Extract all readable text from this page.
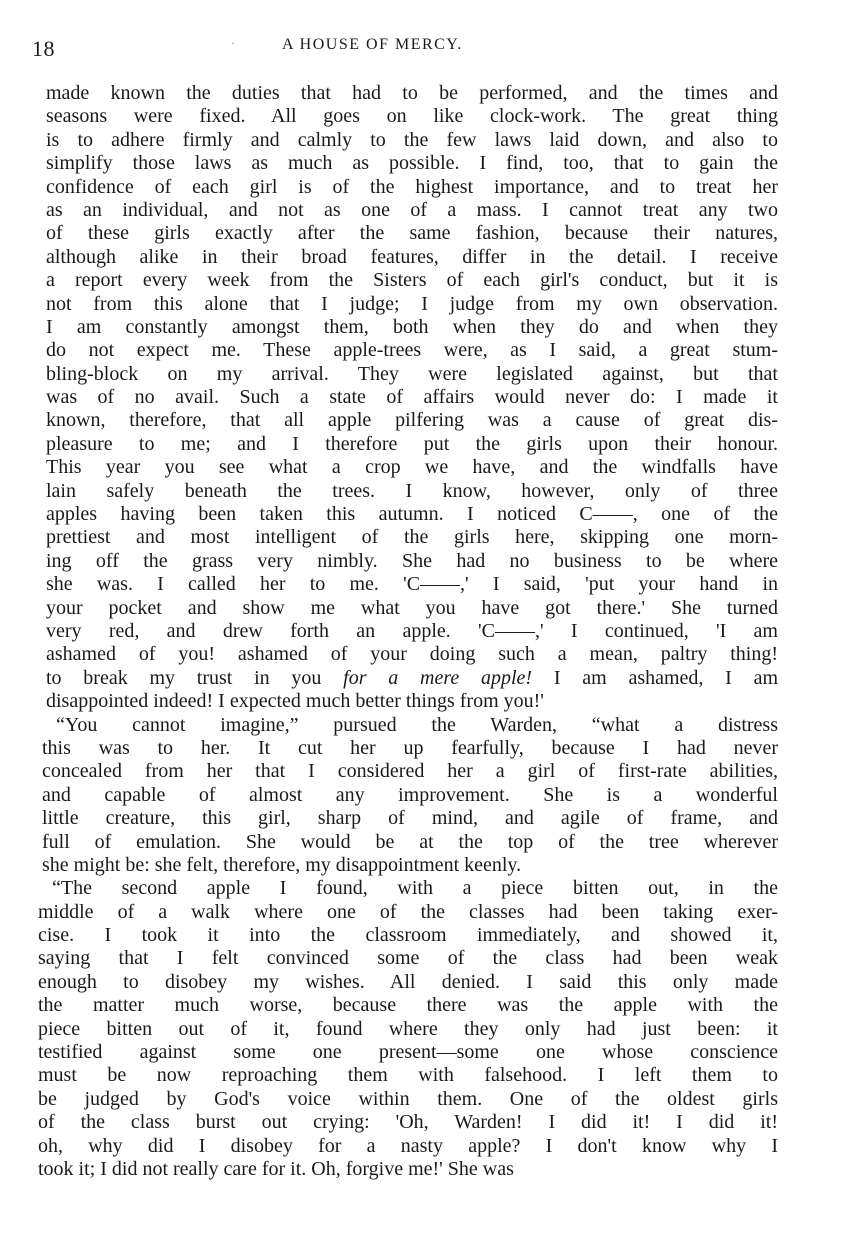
18	·	A HOUSE OF MERCY.
made known the duties that had to be performed, and the times and
seasons were fixed. All goes on like clock-work. The great thing
is to adhere firmly and calmly to the few laws laid down, and also to
simplify those laws as much as possible. I find, too, that to gain the
confidence of each girl is of the highest importance, and to treat her
as an individual, and not as one of a mass. I cannot treat any two
of these girls exactly after the same fashion, because their natures,
although alike in their broad features, differ in the detail. I receive
a report every week from the Sisters of each girl's conduct, but it is
not from this alone that I judge; I judge from my own observation.
I am constantly amongst them, both when they do and when they
do not expect me. These apple-trees were, as I said, a great stum-
bling-block on my arrival. They were legislated against, but that
was of no avail. Such a state of affairs would never do: I made it
known, therefore, that all apple pilfering was a cause of great dis-
pleasure to me; and I therefore put the girls upon their honour.
This year you see what a crop we have, and the windfalls have
lain safely beneath the trees. I know, however, only of three
apples having been taken this autumn. I noticed C——, one of the
prettiest and most intelligent of the girls here, skipping one morn-
ing off the grass very nimbly. She had no business to be where
she was. I called her to me. 'C——,' I said, 'put your hand in
your pocket and show me what you have got there.' She turned
very red, and drew forth an apple. 'C——,' I continued, 'I am
ashamed of you! ashamed of your doing such a mean, paltry thing!
to break my trust in you for a mere apple! I am ashamed, I am
disappointed indeed! I expected much better things from you!'
“You cannot imagine,” pursued the Warden, “what a distress
this was to her. It cut her up fearfully, because I had never
concealed from her that I considered her a girl of first-rate abilities,
and capable of almost any improvement. She is a wonderful
little creature, this girl, sharp of mind, and agile of frame, and
full of emulation. She would be at the top of the tree wherever
she might be: she felt, therefore, my disappointment keenly.
“The second apple I found, with a piece bitten out, in the
middle of a walk where one of the classes had been taking exer-
cise. I took it into the classroom immediately, and showed it,
saying that I felt convinced some of the class had been weak
enough to disobey my wishes. All denied. I said this only made
the matter much worse, because there was the apple with the
piece bitten out of it, found where they only had just been: it
testified against some one present—some one whose conscience
must be now reproaching them with falsehood. I left them to
be judged by God's voice within them. One of the oldest girls
of the class burst out crying: 'Oh, Warden! I did it! I did it!
oh, why did I disobey for a nasty apple? I don't know why I
took it; I did not really care for it. Oh, forgive me!' She was
